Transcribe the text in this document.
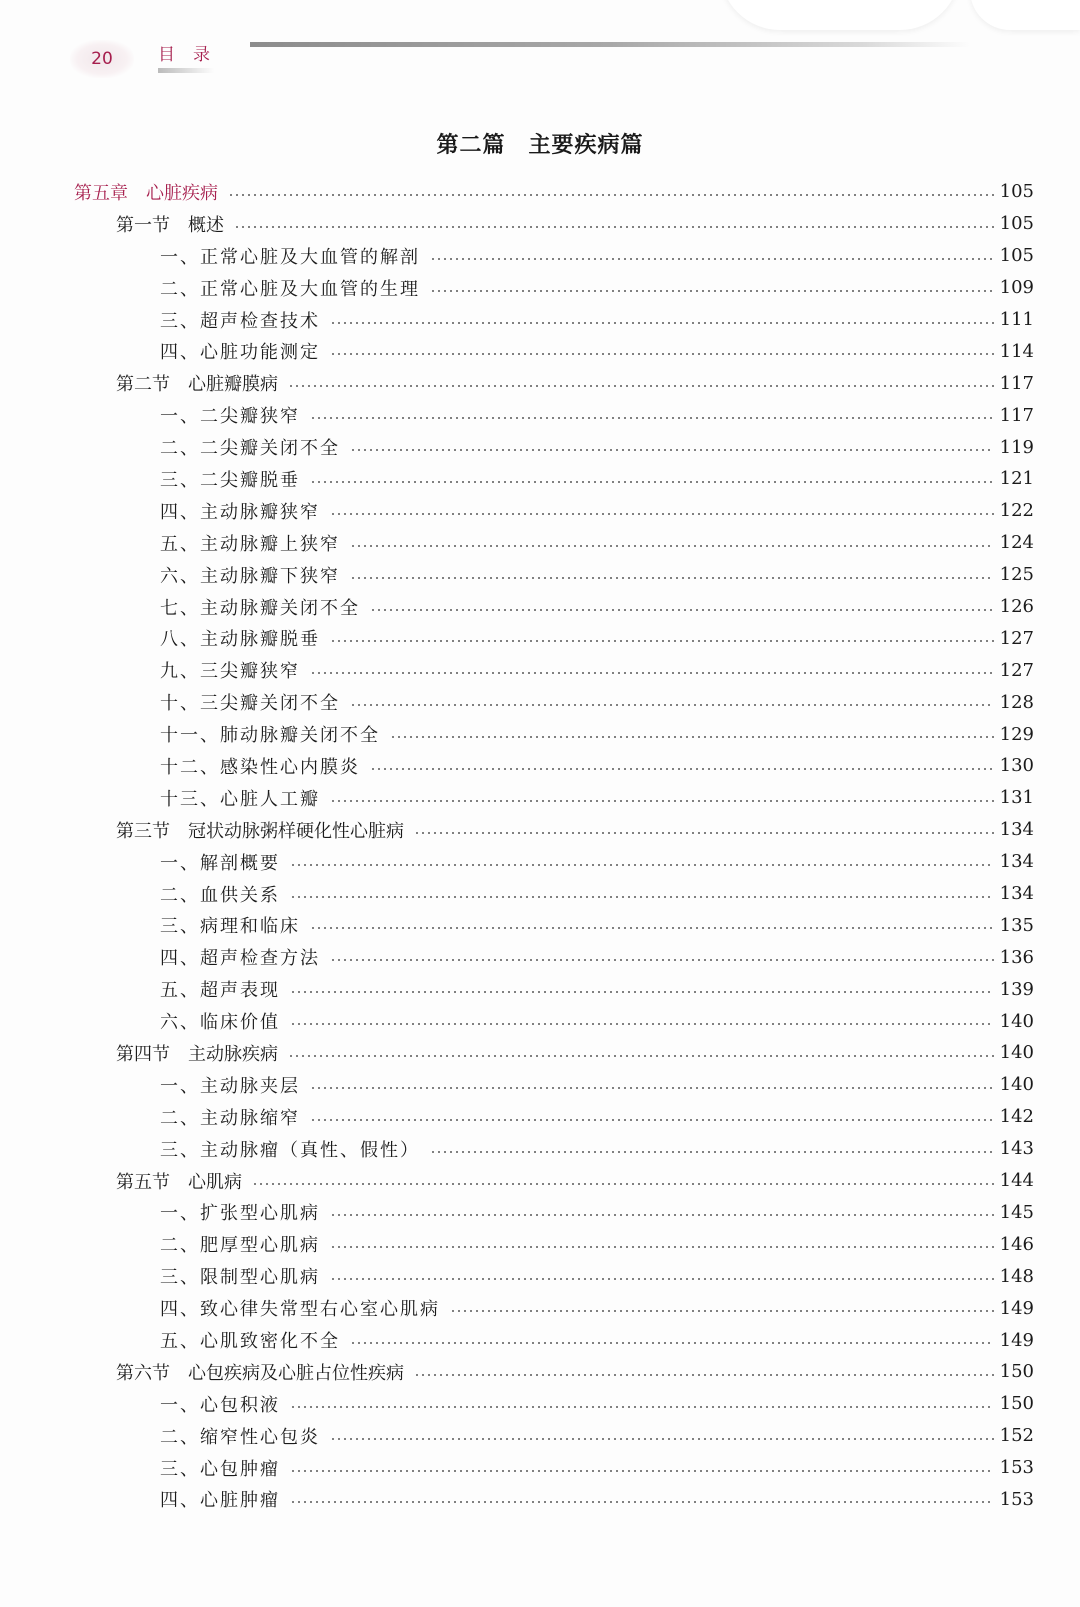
20	目录
第二篇　主要疾病篇
第五章　心脏疾病	105
第一节　概述	105
一、正常心脏及大血管的解剖	105
二、正常心脏及大血管的生理	109
三、超声检查技术	111
四、心脏功能测定	114
第二节　心脏瓣膜病	117
一、二尖瓣狭窄	117
二、二尖瓣关闭不全	119
三、二尖瓣脱垂	121
四、主动脉瓣狭窄	122
五、主动脉瓣上狭窄	124
六、主动脉瓣下狭窄	125
七、主动脉瓣关闭不全	126
八、主动脉瓣脱垂	127
九、三尖瓣狭窄	127
十、三尖瓣关闭不全	128
十一、肺动脉瓣关闭不全	129
十二、感染性心内膜炎	130
十三、心脏人工瓣	131
第三节　冠状动脉粥样硬化性心脏病	134
一、解剖概要	134
二、血供关系	134
三、病理和临床	135
四、超声检查方法	136
五、超声表现	139
六、临床价值	140
第四节　主动脉疾病	140
一、主动脉夹层	140
二、主动脉缩窄	142
三、主动脉瘤（真性、假性）	143
第五节　心肌病	144
一、扩张型心肌病	145
二、肥厚型心肌病	146
三、限制型心肌病	148
四、致心律失常型右心室心肌病	149
五、心肌致密化不全	149
第六节　心包疾病及心脏占位性疾病	150
一、心包积液	150
二、缩窄性心包炎	152
三、心包肿瘤	153
四、心脏肿瘤	153
